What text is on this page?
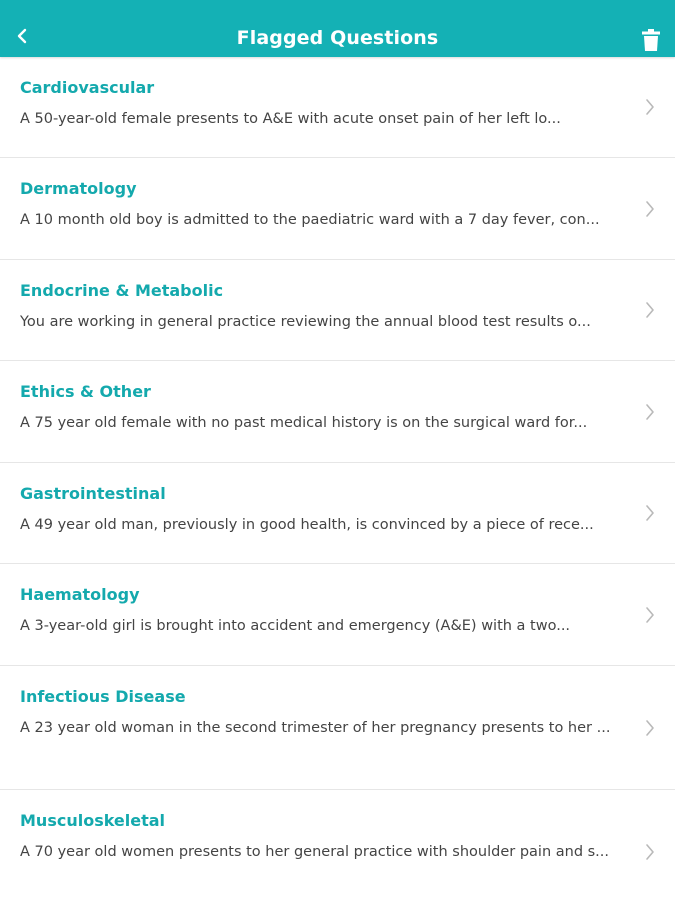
Flagged Questions
Cardiovascular
A 50-year-old female presents to A&E with acute onset pain of her left lo...
Dermatology
A 10 month old boy is admitted to the paediatric ward with a 7 day fever, con...
Endocrine & Metabolic
You are working in general practice reviewing the annual blood test results o...
Ethics & Other
A 75 year old female with no past medical history is on the surgical ward for...
Gastrointestinal
A 49 year old man, previously in good health, is convinced by a piece of rece...
Haematology
A 3-year-old girl is brought into accident and emergency (A&E) with a two...
Infectious Disease
A 23 year old woman in the second trimester of her pregnancy presents to her ...
Musculoskeletal
A 70 year old women presents to her general practice with shoulder pain and s...
